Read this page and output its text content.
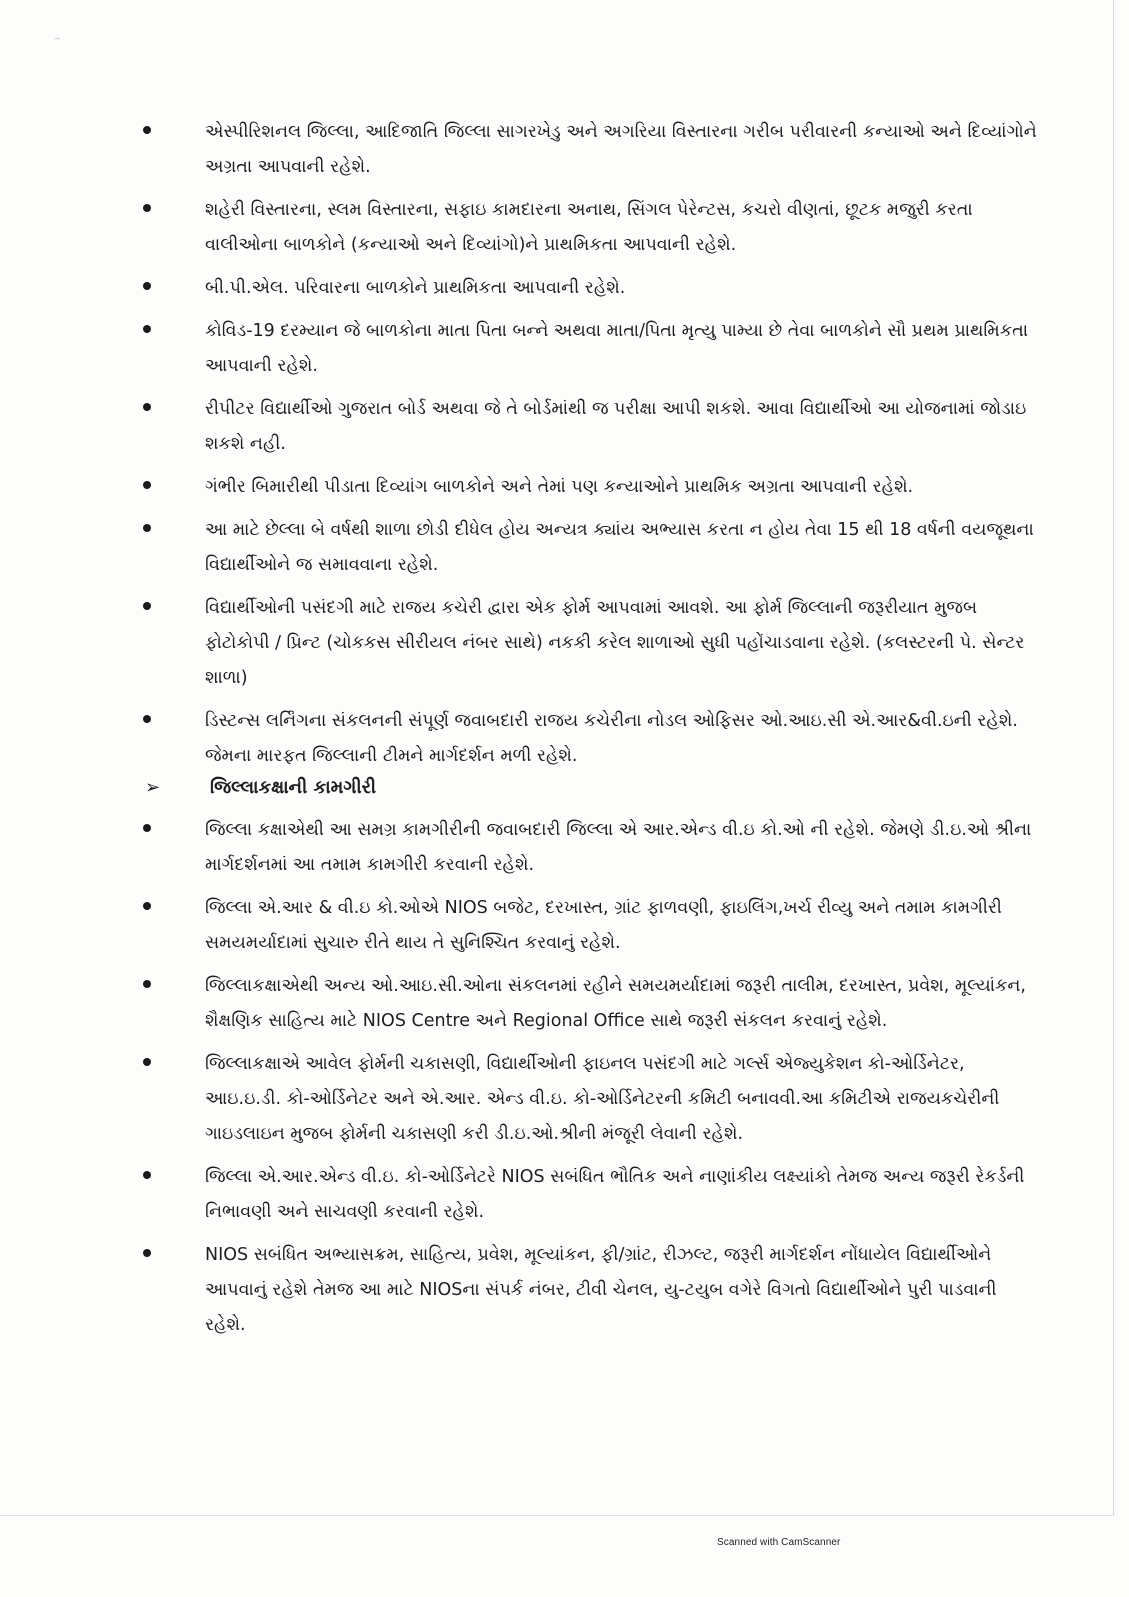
‾
એસ્પીરિશનલ જિલ્લા, આદિજાતિ જિલ્લા સાગરખેડુ અને અગરિયા વિસ્તારના ગરીબ પરીવારની કન્યાઓ અને દિવ્યાંગોને અગ્રતા આપવાની રહેશે.
શહેરી વિસ્તારના, સ્લમ વિસ્તારના, સફાઇ કામદારના અનાથ, સિંગલ પેરેન્ટસ, કચરો વીણતાં, છૂટક મજુરી કરતા વાલીઓના બાળકોને (કન્યાઓ અને દિવ્યાંગો)ને પ્રાથમિકતા આપવાની રહેશે.
બી.પી.એલ. પરિવારના બાળકોને પ્રાથમિકતા આપવાની રહેશે.
કોવિડ-19 દરમ્યાન જે બાળકોના માતા પિતા બન્ને અથવા માતા/પિતા મૃત્યુ પામ્યા છે તેવા બાળકોને સૌ પ્રથમ પ્રાથમિકતા આપવાની રહેશે.
રીપીટર વિદ્યાર્થીઓ ગુજરાત બોર્ડ અથવા જે તે બોર્ડમાંથી જ પરીક્ષા આપી શકશે. આવા વિદ્યાર્થીઓ આ યોજનામાં જોડાઇ શકશે નહી.
ગંભીર બિમારીથી પીડાતા દિવ્યાંગ બાળકોને અને તેમાં પણ કન્યાઓને પ્રાથમિક અગ્રતા આપવાની રહેશે.
આ માટે છેલ્લા બે વર્ષથી શાળા છોડી દીધેલ હોય અન્યત્ર ક્યાંય અભ્યાસ કરતા ન હોય તેવા 15 થી 18 વર્ષની વયજૂથના વિદ્યાર્થીઓને જ સમાવવાના રહેશે.
વિદ્યાર્થીઓની પસંદગી માટે રાજય કચેરી દ્વારા એક ફોર્મ આપવામાં આવશે. આ ફોર્મ જિલ્લાની જરૂરીયાત મુજબ ફોટોકોપી / પ્રિન્ટ (ચોકકસ સીરીયલ નંબર સાથે) નકકી કરેલ શાળાઓ સુધી પહોંચાડવાના રહેશે. (કલસ્ટરની પે. સેન્ટર શાળા)
ડિસ્ટન્સ લર્નિંગના સંકલનની સંપૂર્ણ જવાબદારી રાજય કચેરીના નોડલ ઓફિસર ઓ.આઇ.સી એ.આર&વી.ઇની રહેશે. જેમના મારફત જિલ્લાની ટીમને માર્ગદર્શન મળી રહેશે.
➢	જિલ્લાકક્ષાની કામગીરી
જિલ્લા કક્ષાએથી આ સમગ્ર કામગીરીની જવાબદારી જિલ્લા એ આર.એન્ડ વી.ઇ કો.ઓ ની રહેશે. જેમણે ડી.ઇ.ઓ શ્રીના માર્ગદર્શનમાં આ તમામ કામગીરી કરવાની રહેશે.
જિલ્લા એ.આર & વી.ઇ કો.ઓએ NIOS બજેટ, દરખાસ્ત, ગ્રાંટ ફાળવણી, ફાઇલિંગ,ખર્ચ રીવ્યુ અને તમામ કામગીરી સમયમર્યાદામાં સુચારુ રીતે થાય તે સુનિશ્ચિત કરવાનું રહેશે.
જિલ્લાકક્ષાએથી અન્ય ઓ.આઇ.સી.ઓના સંકલનમાં રહીને સમયમર્યાદામાં જરૂરી તાલીમ, દરખાસ્ત, પ્રવેશ, મૂલ્યાંકન, શૈક્ષણિક સાહિત્ય માટે NIOS Centre અને Regional Office સાથે જરૂરી સંકલન કરવાનું રહેશે.
જિલ્લાકક્ષાએ આવેલ ફોર્મની ચકાસણી, વિદ્યાર્થીઓની ફાઇનલ પસંદગી માટે ગર્લ્સ એજ્યુકેશન કો-ઓર્ડિનેટર, આઇ.ઇ.ડી. કો-ઓર્ડિનેટર અને એ.આર. એન્ડ વી.ઇ. કો-ઓર્ડિનેટરની કમિટી બનાવવી.આ કમિટીએ રાજયકચેરીની ગાઇડલાઇન મુજબ ફોર્મની ચકાસણી કરી ડી.ઇ.ઓ.શ્રીની મંજૂરી લેવાની રહેશે.
જિલ્લા એ.આર.એન્ડ વી.ઇ. કો-ઓર્ડિનેટરે NIOS સબંધિત ભૌતિક અને નાણાંકીય લક્ષ્યાંકો તેમજ અન્ય જરૂરી રેકર્ડની નિભાવણી અને સાચવણી કરવાની રહેશે.
NIOS સબંધિત અભ્યાસક્રમ, સાહિત્ય, પ્રવેશ, મૂલ્યાંકન, ફી/ગ્રાંટ, રીઝલ્ટ, જરૂરી માર્ગદર્શન નોંધાયેલ વિદ્યાર્થીઓને આપવાનું રહેશે તેમજ આ માટે NIOSના સંપર્ક નંબર, ટીવી ચેનલ, યુ-ટયુબ વગેરે વિગતો વિદ્યાર્થીઓને પુરી પાડવાની રહેશે.
Scanned with CamScanner
